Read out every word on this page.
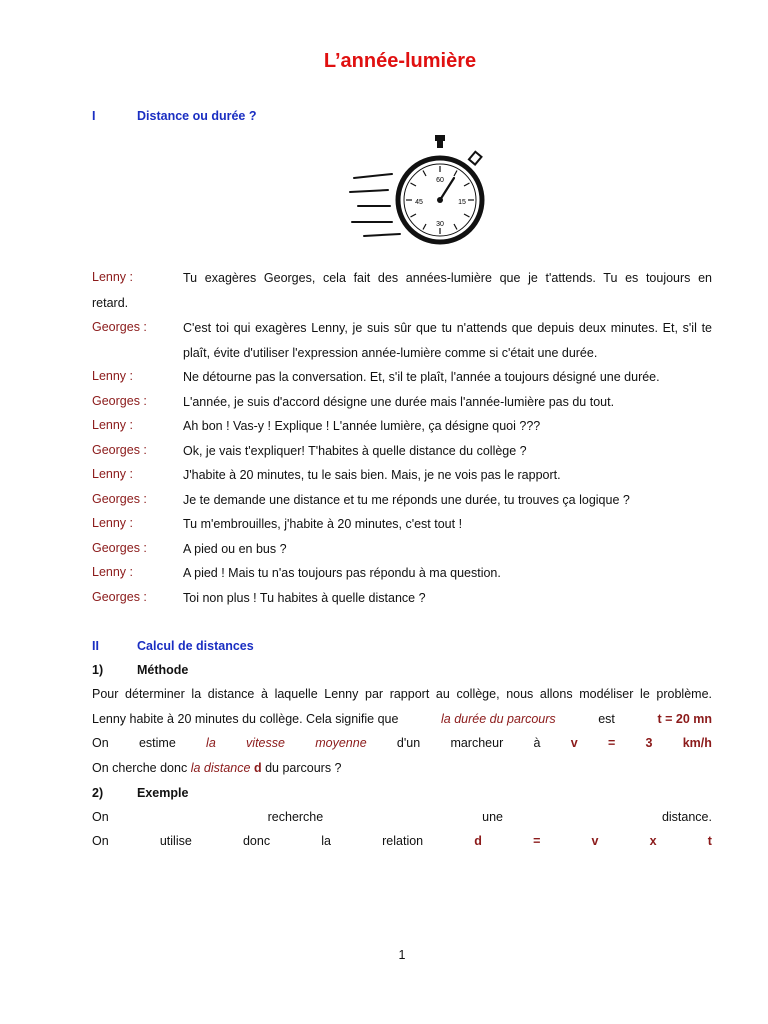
L’année-lumière
I	Distance ou durée ?
60
15
30
45
Lenny :	Tu exagères Georges, cela fait des années-lumière que je t'attends. Tu es toujours en
retard.
Georges :	C'est toi qui exagères Lenny, je suis sûr que tu n'attends que depuis deux minutes. Et, s'il te
plaît, évite d'utiliser l'expression année-lumière comme si c'était une durée.
Lenny :	Ne détourne pas la conversation. Et, s'il te plaît, l'année a toujours désigné une durée.
Georges :	L'année, je suis d'accord désigne une durée mais l'année-lumière pas du tout.
Lenny :	Ah bon ! Vas-y ! Explique ! L'année lumière, ça désigne quoi ???
Georges :	Ok, je vais t'expliquer! T'habites à quelle distance du collège ?
Lenny :	J'habite à 20 minutes, tu le sais bien. Mais, je ne vois pas le rapport.
Georges :	Je te demande une distance et tu me réponds une durée, tu trouves ça logique ?
Lenny :	Tu m'embrouilles, j'habite à 20 minutes, c'est tout !
Georges :	A pied ou en bus ?
Lenny :	A pied ! Mais tu n'as toujours pas répondu à ma question.
Georges :	Toi non plus ! Tu habites à quelle distance ?
II	Calcul de distances
1)	Méthode
Pour déterminer la distance à laquelle Lenny par rapport au collège, nous allons modéliser le problème.
Lenny habite à 20 minutes du collège. Cela signifie que	la durée du parcours	est	t = 20 mn
On estime la vitesse moyenne d'un marcheur à v = 3 km/h
On cherche donc la distance d du parcours ?
2)	Exemple
On	recherche	une	distance.
On	utilise	donc	la	relation	d	=	v	x	t
1
